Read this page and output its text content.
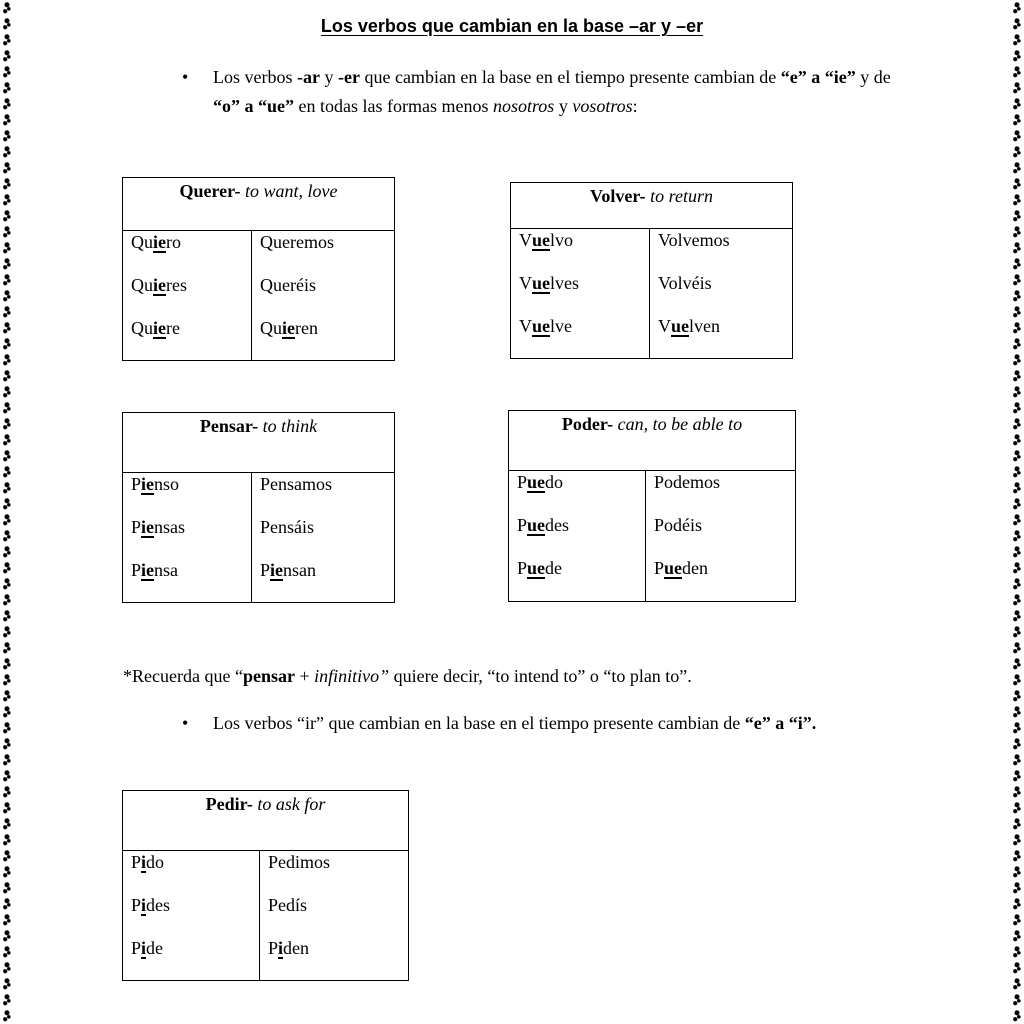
Los verbos que cambian en la base –ar y –er
• Los verbos -ar y -er que cambian en la base en el tiempo presente cambian de “e” a “ie” y de “o” a “ue” en todas las formas menos nosotros y vosotros:
Querer- to want, love
Quiero
Quieres
Quiere
Queremos
Queréis
Quieren
Volver- to return
Vuelvo
Vuelves
Vuelve
Volvemos
Volvéis
Vuelven
Pensar- to think
Pienso
Piensas
Piensa
Pensamos
Pensáis
Piensan
Poder- can, to be able to
Puedo
Puedes
Puede
Podemos
Podéis
Pueden
Pedir- to ask for
Pido
Pides
Pide
Pedimos
Pedís
Piden
*Recuerda que “pensar + infinitivo” quiere decir, “to intend to” o “to plan to”.
• Los verbos “ir” que cambian en la base en el tiempo presente cambian de “e” a “i”.
